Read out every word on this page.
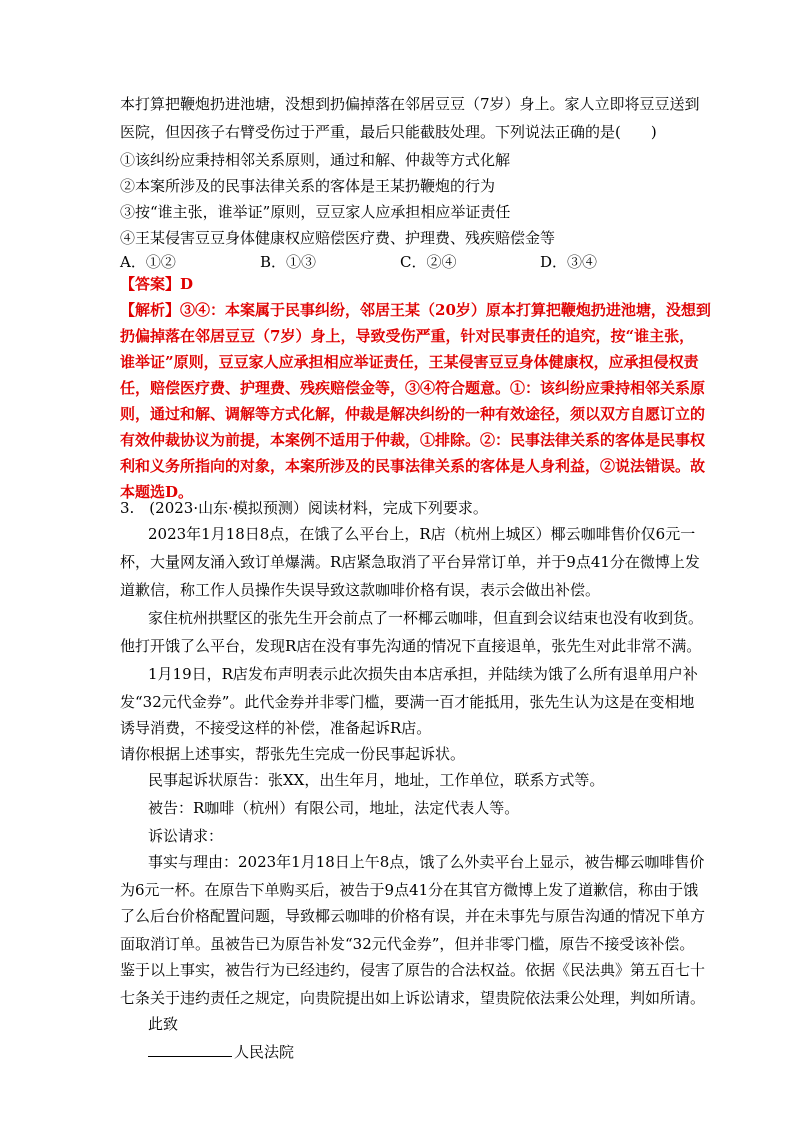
本打算把鞭炮扔进池塘，没想到扔偏掉落在邻居豆豆（7岁）身上。家人立即将豆豆送到
医院，但因孩子右臂受伤过于严重，最后只能截肢处理。下列说法正确的是(　　)
①该纠纷应秉持相邻关系原则，通过和解、仲裁等方式化解
②本案所涉及的民事法律关系的客体是王某扔鞭炮的行为
③按“谁主张，谁举证”原则，豆豆家人应承担相应举证责任
④王某侵害豆豆身体健康权应赔偿医疗费、护理费、残疾赔偿金等
A．①②	B．①③	C．②④	D．③④
【答案】D
【解析】③④：本案属于民事纠纷，邻居王某（20岁）原本打算把鞭炮扔进池塘，没想到
扔偏掉落在邻居豆豆（7岁）身上，导致受伤严重，针对民事责任的追究，按“谁主张，
谁举证”原则，豆豆家人应承担相应举证责任，王某侵害豆豆身体健康权，应承担侵权责
任，赔偿医疗费、护理费、残疾赔偿金等，③④符合题意。①：该纠纷应秉持相邻关系原
则，通过和解、调解等方式化解，仲裁是解决纠纷的一种有效途径，须以双方自愿订立的
有效仲裁协议为前提，本案例不适用于仲裁，①排除。②：民事法律关系的客体是民事权
利和义务所指向的对象，本案所涉及的民事法律关系的客体是人身利益，②说法错误。故
本题选D。
3.　(2023·山东·模拟预测）阅读材料，完成下列要求。
2023年1月18日8点，在饿了么平台上，R店（杭州上城区）椰云咖啡售价仅6元一
杯，大量网友涌入致订单爆满。R店紧急取消了平台异常订单，并于9点41分在微博上发
道歉信，称工作人员操作失误导致这款咖啡价格有误，表示会做出补偿。
家住杭州拱墅区的张先生开会前点了一杯椰云咖啡，但直到会议结束也没有收到货。
他打开饿了么平台，发现R店在没有事先沟通的情况下直接退单，张先生对此非常不满。
1月19日，R店发布声明表示此次损失由本店承担，并陆续为饿了么所有退单用户补
发“32元代金券”。此代金券并非零门槛，要满一百才能抵用，张先生认为这是在变相地
诱导消费，不接受这样的补偿，准备起诉R店。
请你根据上述事实，帮张先生完成一份民事起诉状。
民事起诉状原告：张XX，出生年月，地址，工作单位，联系方式等。
被告：R咖啡（杭州）有限公司，地址，法定代表人等。
诉讼请求：
事实与理由：2023年1月18日上午8点，饿了么外卖平台上显示，被告椰云咖啡售价
为6元一杯。在原告下单购买后，被告于9点41分在其官方微博上发了道歉信，称由于饿
了么后台价格配置问题，导致椰云咖啡的价格有误，并在未事先与原告沟通的情况下单方
面取消订单。虽被告已为原告补发“32元代金券”，但并非零门槛，原告不接受该补偿。
鉴于以上事实，被告行为已经违约，侵害了原告的合法权益。依据《民法典》第五百七十
七条关于违约责任之规定，向贵院提出如上诉讼请求，望贵院依法秉公处理，判如所请。
此致
人民法院
